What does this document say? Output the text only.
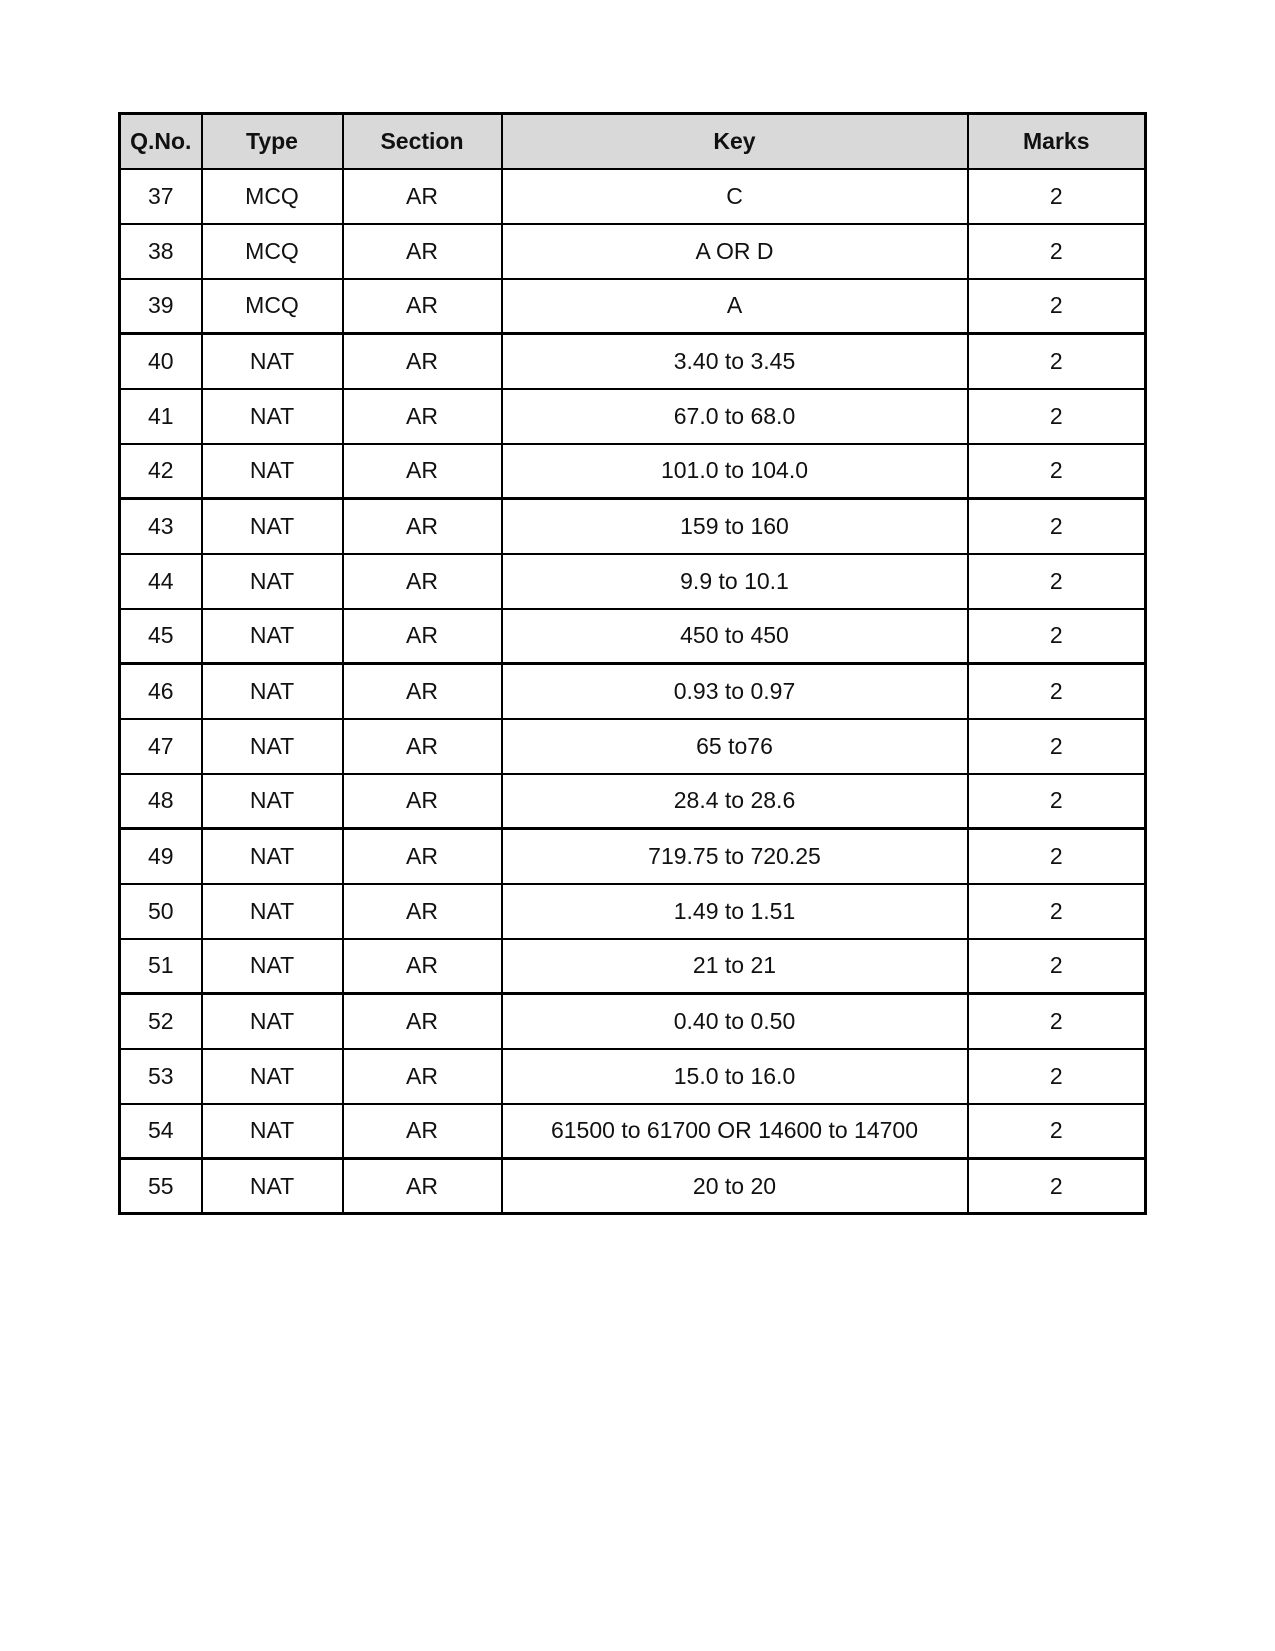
Q.No.	Type	Section	Key	Marks
37	MCQ	AR	C	2
38	MCQ	AR	A OR D	2
39	MCQ	AR	A	2
40	NAT	AR	3.40 to 3.45	2
41	NAT	AR	67.0 to 68.0	2
42	NAT	AR	101.0 to 104.0	2
43	NAT	AR	159 to 160	2
44	NAT	AR	9.9 to 10.1	2
45	NAT	AR	450 to 450	2
46	NAT	AR	0.93 to 0.97	2
47	NAT	AR	65 to76	2
48	NAT	AR	28.4 to 28.6	2
49	NAT	AR	719.75 to 720.25	2
50	NAT	AR	1.49 to 1.51	2
51	NAT	AR	21 to 21	2
52	NAT	AR	0.40 to 0.50	2
53	NAT	AR	15.0 to 16.0	2
54	NAT	AR	61500 to 61700 OR 14600 to 14700	2
55	NAT	AR	20 to 20	2
